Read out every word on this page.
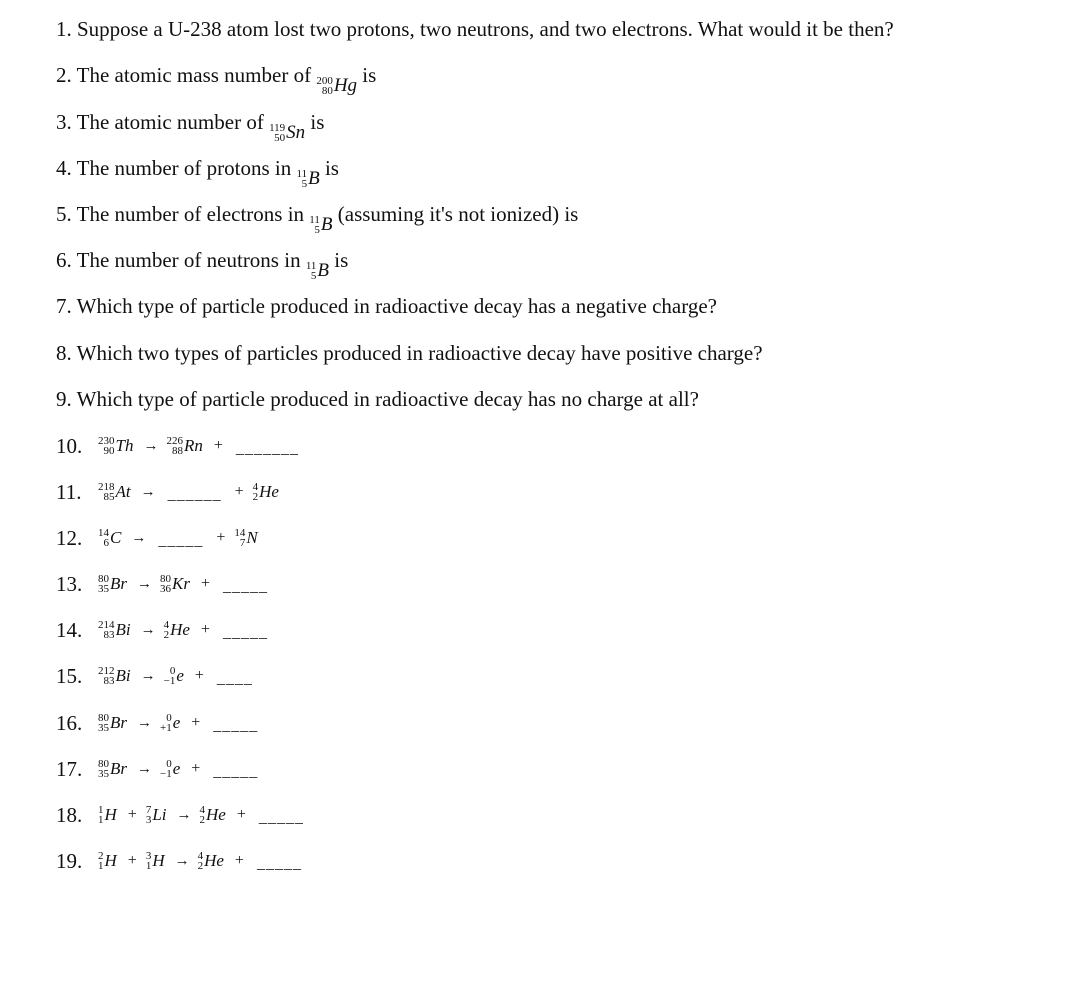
1. Suppose a U-238 atom lost two protons, two neutrons, and two electrons. What would it be then?
2. The atomic mass number of 200
80 Hg is
3. The atomic number of 119
50 Sn is
4. The number of protons in 11
5 B is
5. The number of electrons in 11
5 B (assuming it's not ionized) is
6. The number of neutrons in 11
5 B is
7. Which type of particle produced in radioactive decay has a negative charge?
8. Which two types of particles produced in radioactive decay have positive charge?
9. Which type of particle produced in radioactive decay has no charge at all?
10.	230
90 Th → 226
88 Rn + _______
11.	218
85 At → ______ + 4
2 He
12.	14
6 C → _____ + 14
7 N
13.	80
35 Br → 80
36 Kr + _____
14.	214
83 Bi → 4
2 He + _____
15.	212
83 Bi → 0
−1 e + ____
16.	80
35 Br → 0
+1 e + _____
17.	80
35 Br → 0
−1 e + _____
18.	1
1 H + 7
3 Li → 4
2 He + _____
19.	2
1 H + 3
1 H → 4
2 He + _____
